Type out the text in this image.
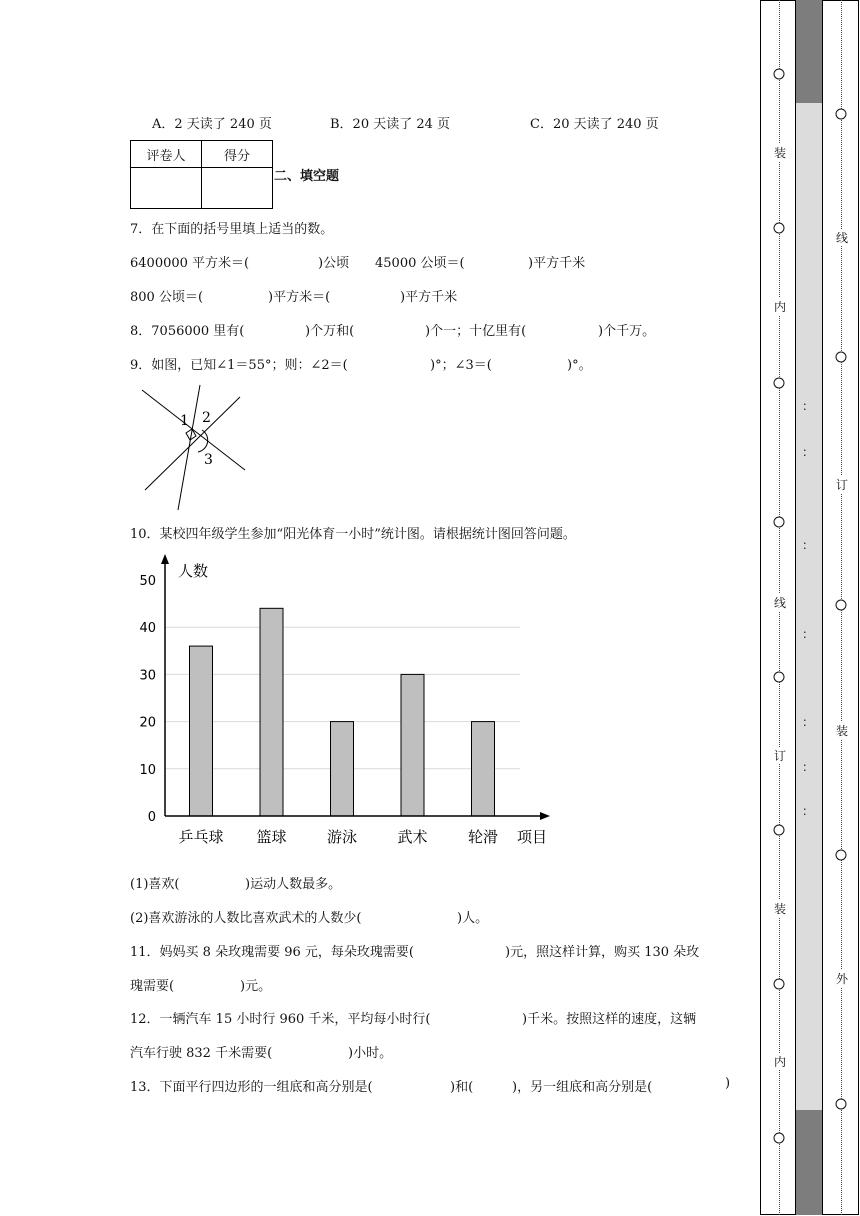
A．2 天读了 240 页	B．20 天读了 24 页	C．20 天读了 240 页
评卷人	得分

二、填空题
7．在下面的括号里填上适当的数。
6400000 平方米＝(	)公顷 45000 公顷＝(	)平方千米
800 公顷＝(	)平方米＝(	)平方千米
8．7056000 里有(	)个万和(	)个一；十亿里有(	)个千万。
9．如图，已知∠1＝55°；则：∠2＝(	)°；∠3＝(	)°。
1 2
3
10．某校四年级学生参加“阳光体育一小时”统计图。请根据统计图回答问题。
0
10
20
30
40
50
乒乓球 篮球	游泳	武术	轮滑
人数
项目
(1)喜欢(	)运动人数最多。
(2)喜欢游泳的人数比喜欢武术的人数少(	)人。
11．妈妈买 8 朵玫瑰需要 96 元，每朵玫瑰需要(	)元，照这样计算，购买 130 朵玫
瑰需要(	)元。
12．一辆汽车 15 小时行 960 千米，平均每小时行(	)千米。按照这样的速度，这辆
汽车行驶 832 千米需要(	)小时。
13．下面平行四边形的一组底和高分别是(	)和(	)，另一组底和高分别是(	)
装
内
线
订
装
内
：
：
：
：
：
：
：
线
订
装
外
